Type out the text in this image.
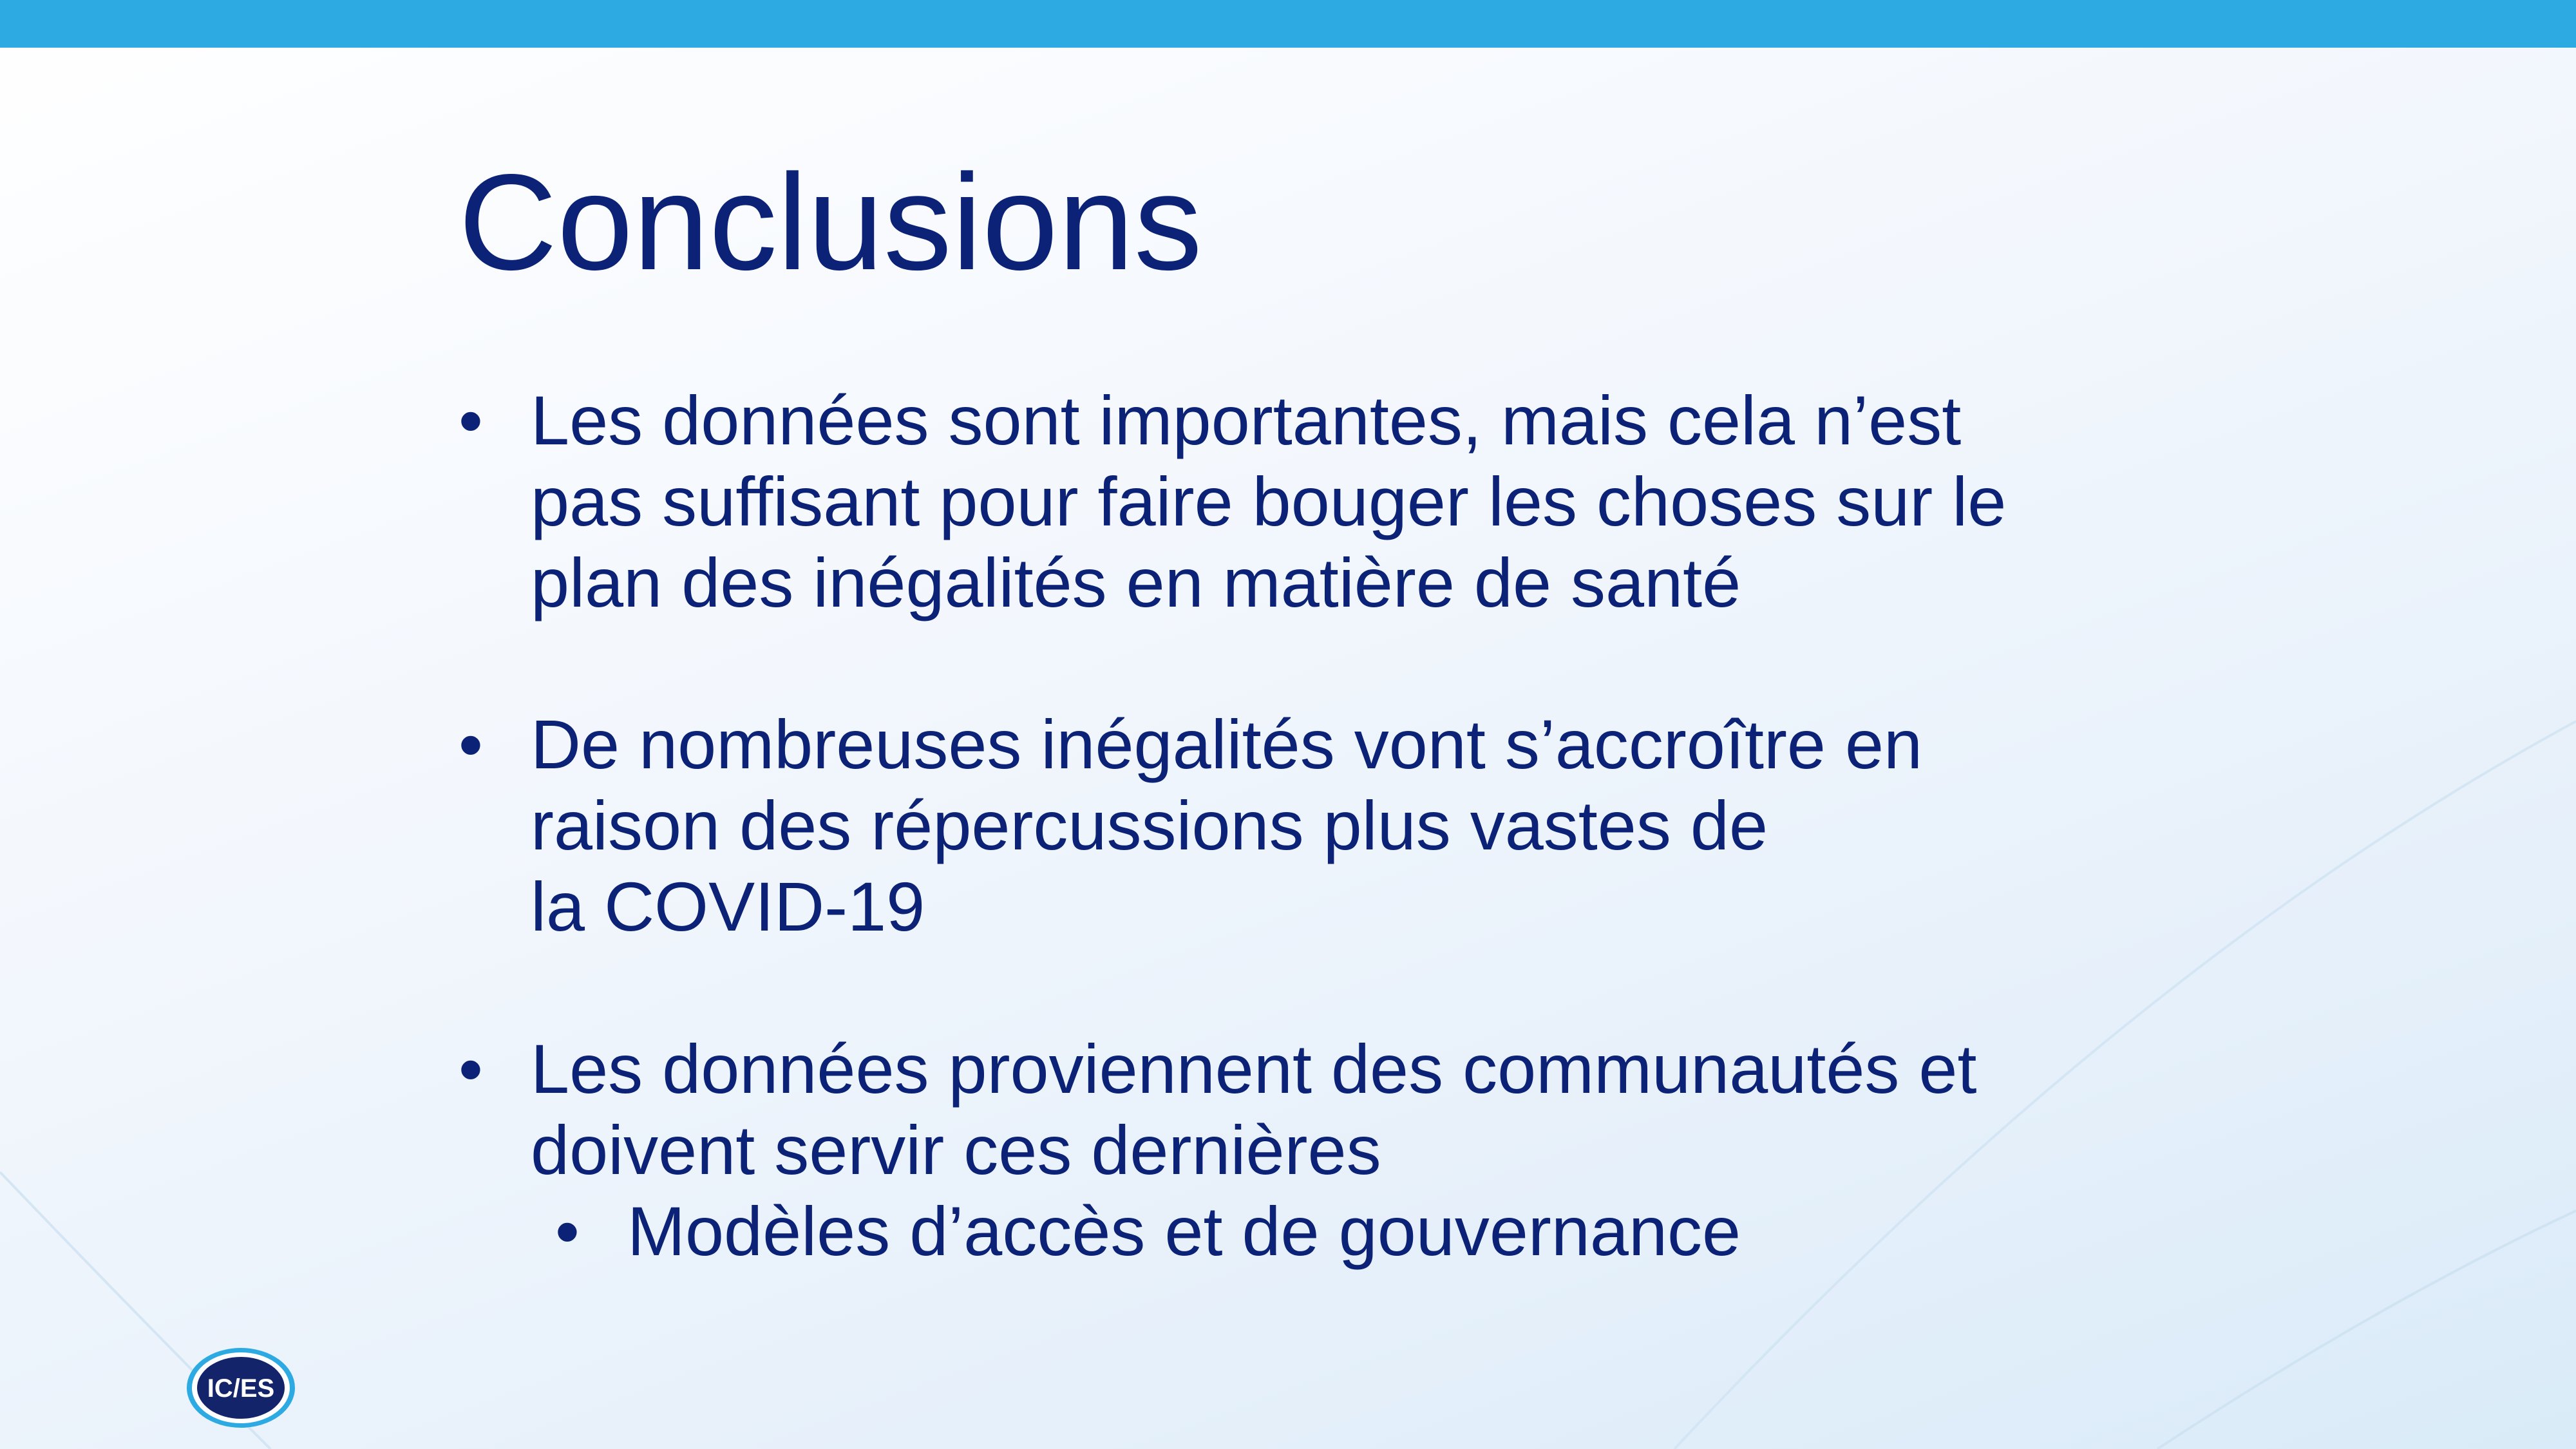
Conclusions
• Les données sont importantes, mais cela n’est
pas suffisant pour faire bouger les choses sur le
plan des inégalités en matière de santé
• De nombreuses inégalités vont s’accroître en
raison des répercussions plus vastes de
la COVID-19
• Les données proviennent des communautés et
doivent servir ces dernières
• Modèles d’accès et de gouvernance
IC/ES
